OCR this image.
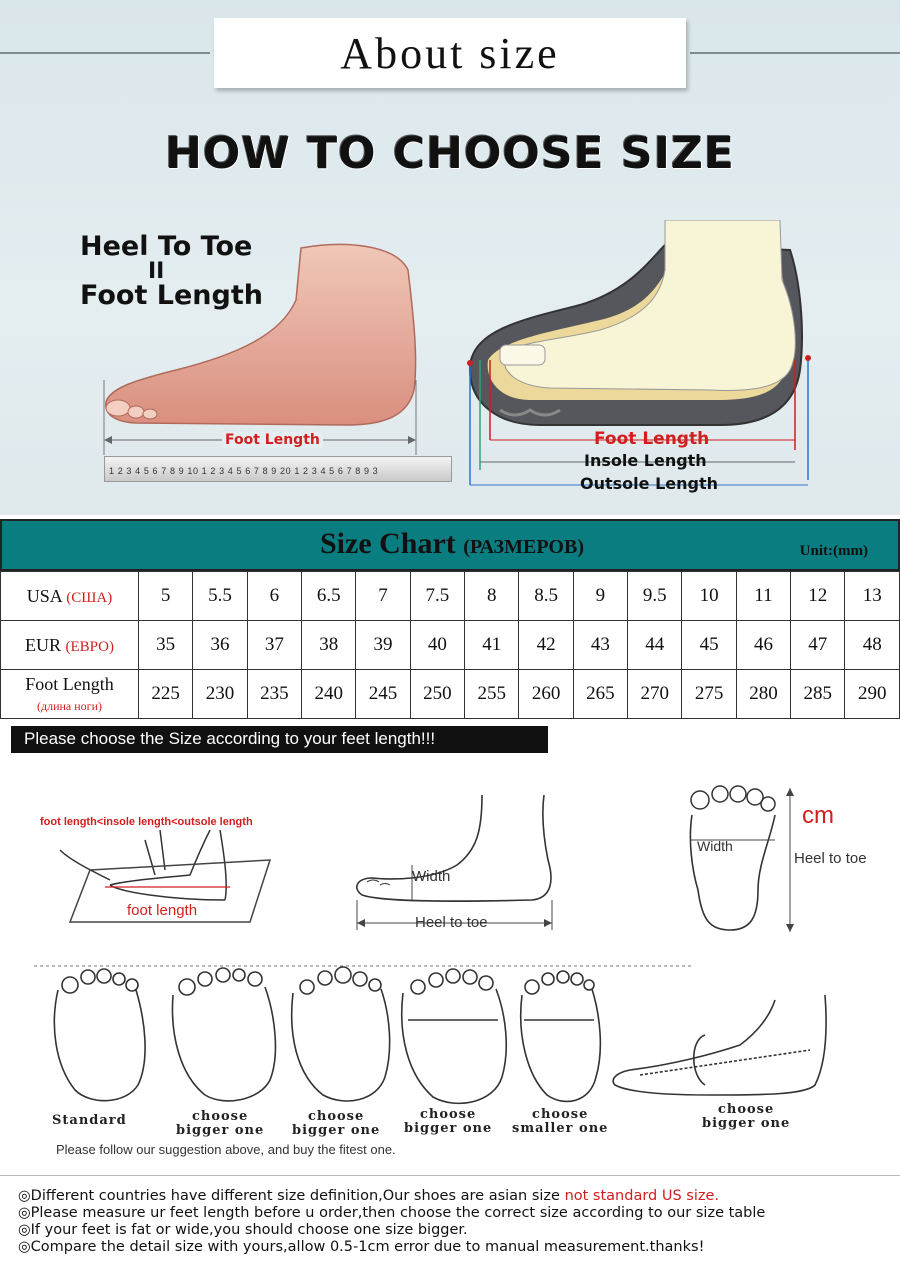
About size
HOW TO CHOOSE SIZE
Heel To Toe
II
Foot Length
Foot Length
1 2 3 4 5 6 7 8 9 10 1 2 3 4 5 6 7 8 9 20 1 2 3 4 5 6 7 8 9 3
Foot Length
Insole Length
Outsole Length
Size Chart (РАЗМЕРОВ)	Unit:(mm)
USA (США)	5	5.5	6	6.5	7	7.5	8	8.5	9	9.5	10	11	12	13
EUR (ЕВРО)	35	36	37	38	39	40	41	42	43	44	45	46	47	48
Foot Length
(длина ноги)	225	230	235	240	245	250	255	260	265	270	275	280	285	290
Please choose the Size according to your feet length!!!
foot length<insole length<outsole length
foot length
Width
Heel to toe
Width
cm
Heel to toe
Standard	choose
bigger one
choose
bigger one
choose
bigger one
choose
smaller one
choose
bigger one
Please follow our suggestion above, and buy the fitest one.
◎Different countries have different size definition,Our shoes are asian size not standard US size.
◎Please measure ur feet length before u order,then choose the correct size according to our size table
◎If your feet is fat or wide,you should choose one size bigger.
◎Compare the detail size with yours,allow 0.5-1cm error due to manual measurement.thanks!
